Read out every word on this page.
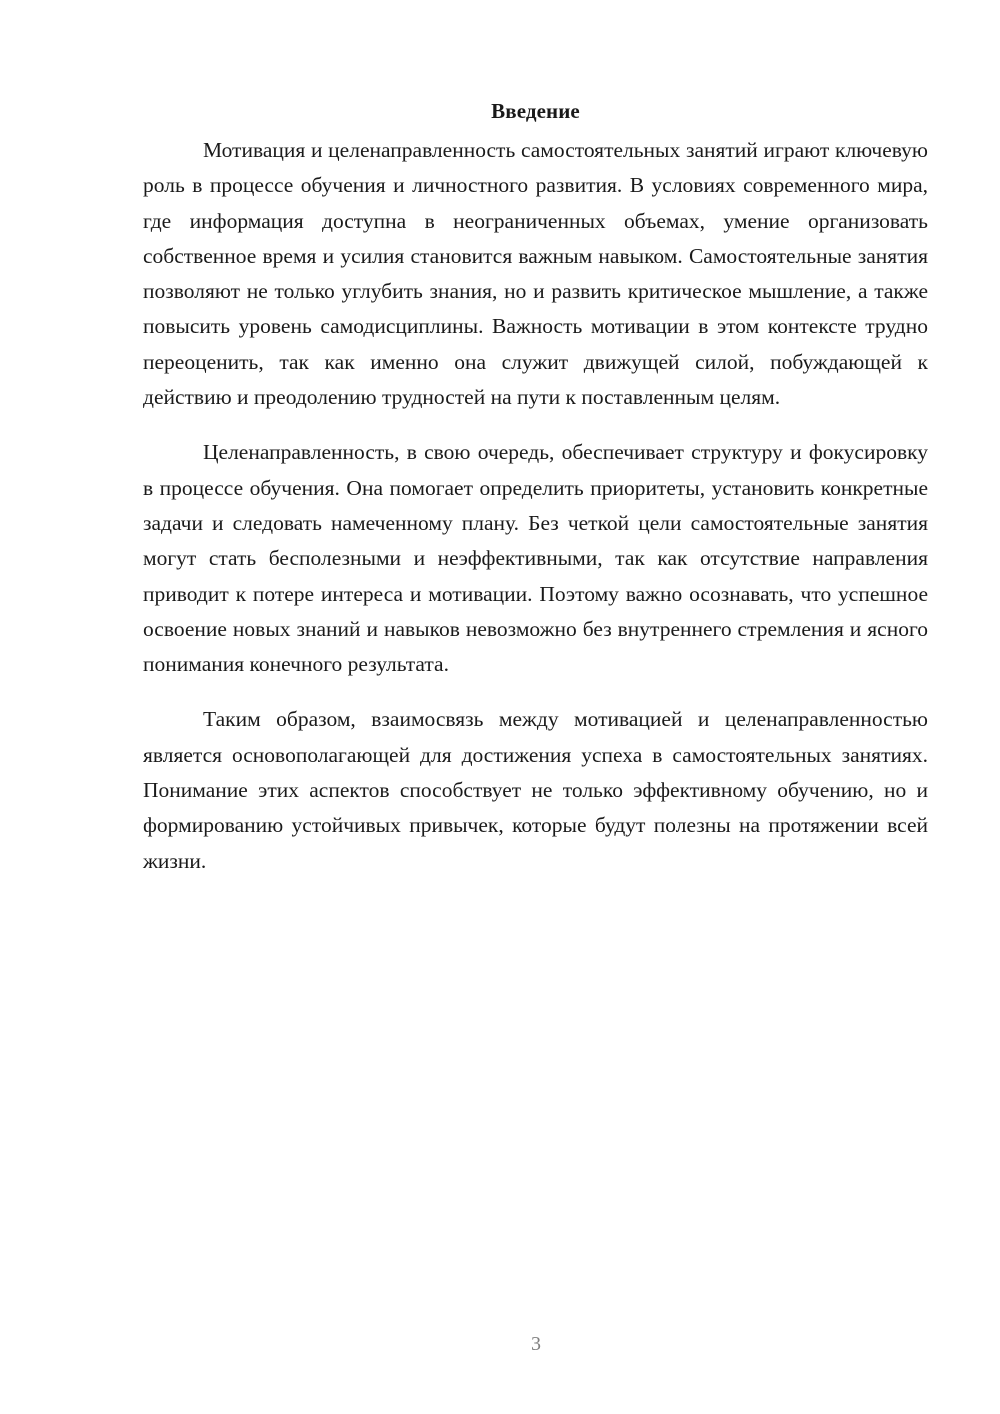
Введение

Мотивация и целенаправленность самостоятельных занятий играют ключевую роль в процессе обучения и личностного развития. В условиях современного мира, где информация доступна в неограниченных объемах, умение организовать собственное время и усилия становится важным навыком. Самостоятельные занятия позволяют не только углубить знания, но и развить критическое мышление, а также повысить уровень самодисциплины. Важность мотивации в этом контексте трудно переоценить, так как именно она служит движущей силой, побуждающей к действию и преодолению трудностей на пути к поставленным целям.

Целенаправленность, в свою очередь, обеспечивает структуру и фокусировку в процессе обучения. Она помогает определить приоритеты, установить конкретные задачи и следовать намеченному плану. Без четкой цели самостоятельные занятия могут стать бесполезными и неэффективными, так как отсутствие направления приводит к потере интереса и мотивации. Поэтому важно осознавать, что успешное освоение новых знаний и навыков невозможно без внутреннего стремления и ясного понимания конечного результата.

Таким образом, взаимосвязь между мотивацией и целенаправленностью является основополагающей для достижения успеха в самостоятельных занятиях. Понимание этих аспектов способствует не только эффективному обучению, но и формированию устойчивых привычек, которые будут полезны на протяжении всей жизни.

3
